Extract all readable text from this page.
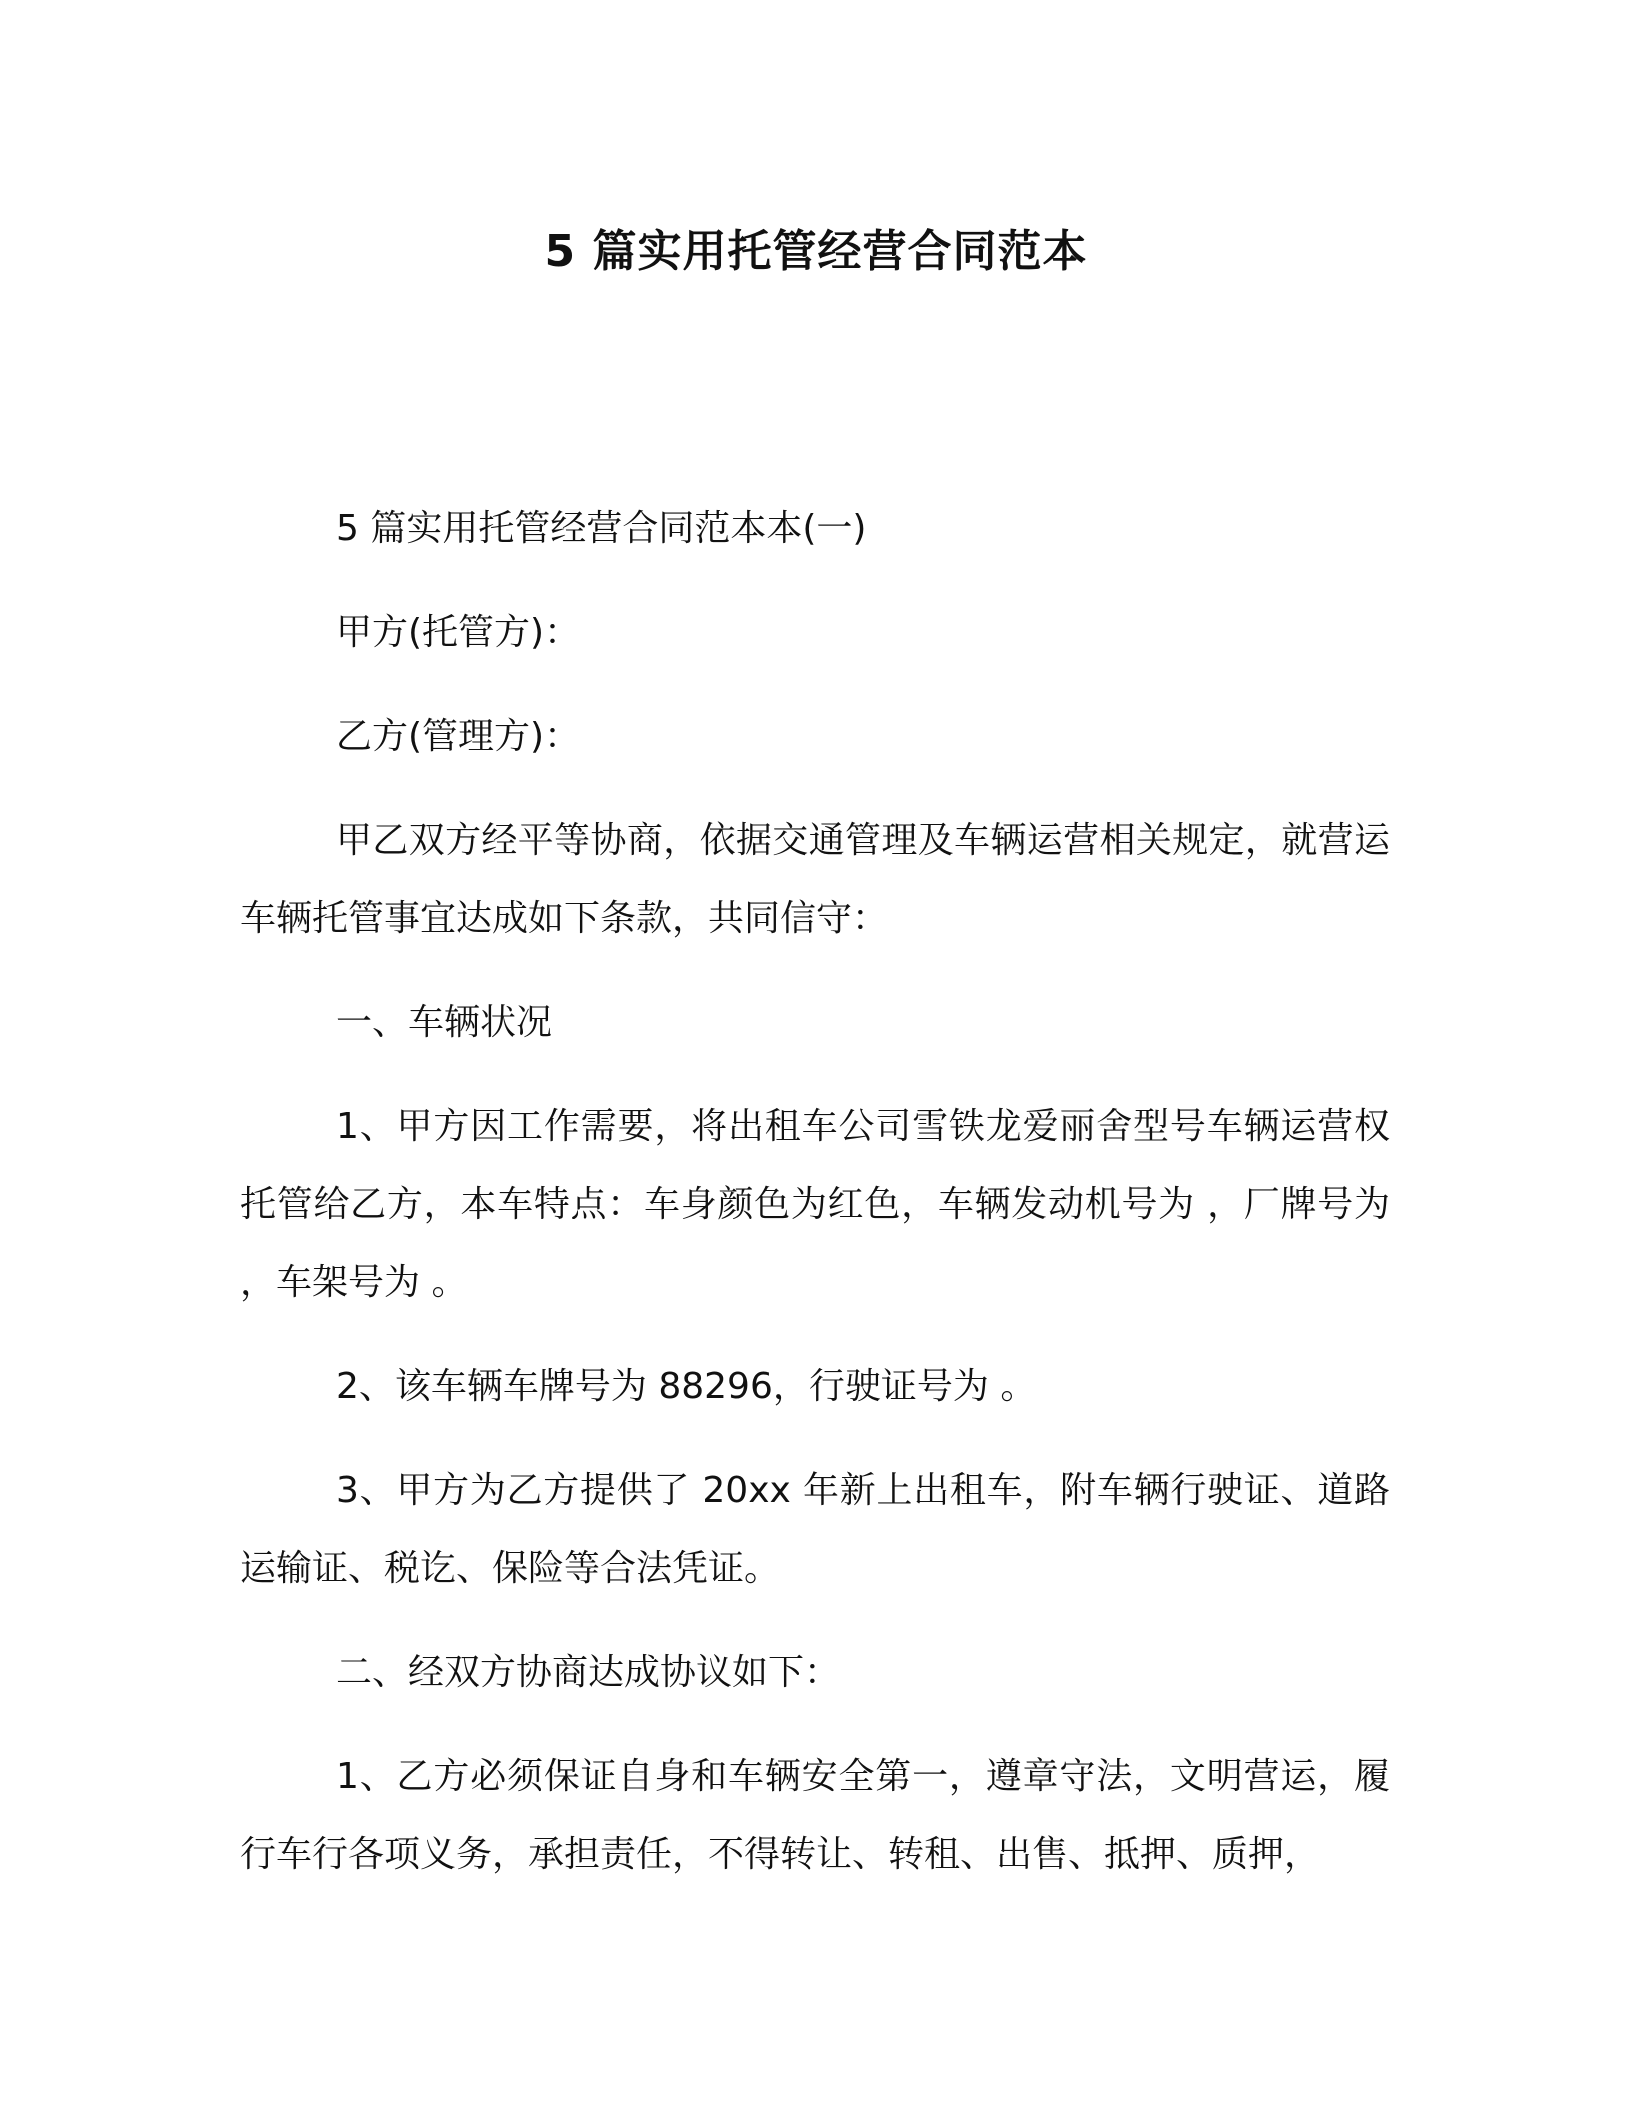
5 篇实用托管经营合同范本

5 篇实用托管经营合同范本本(一)

甲方(托管方)：

乙方(管理方)：

甲乙双方经平等协商，依据交通管理及车辆运营相关规定，就营运车辆托管事宜达成如下条款，共同信守：

一、车辆状况

1、甲方因工作需要，将出租车公司雪铁龙爱丽舍型号车辆运营权托管给乙方，本车特点：车身颜色为红色，车辆发动机号为 ，厂牌号为 ，车架号为 。

2、该车辆车牌号为 88296，行驶证号为 。

3、甲方为乙方提供了 20xx 年新上出租车，附车辆行驶证、道路运输证、税讫、保险等合法凭证。

二、经双方协商达成协议如下：

1、乙方必须保证自身和车辆安全第一，遵章守法，文明营运，履行车行各项义务，承担责任，不得转让、转租、出售、抵押、质押，
